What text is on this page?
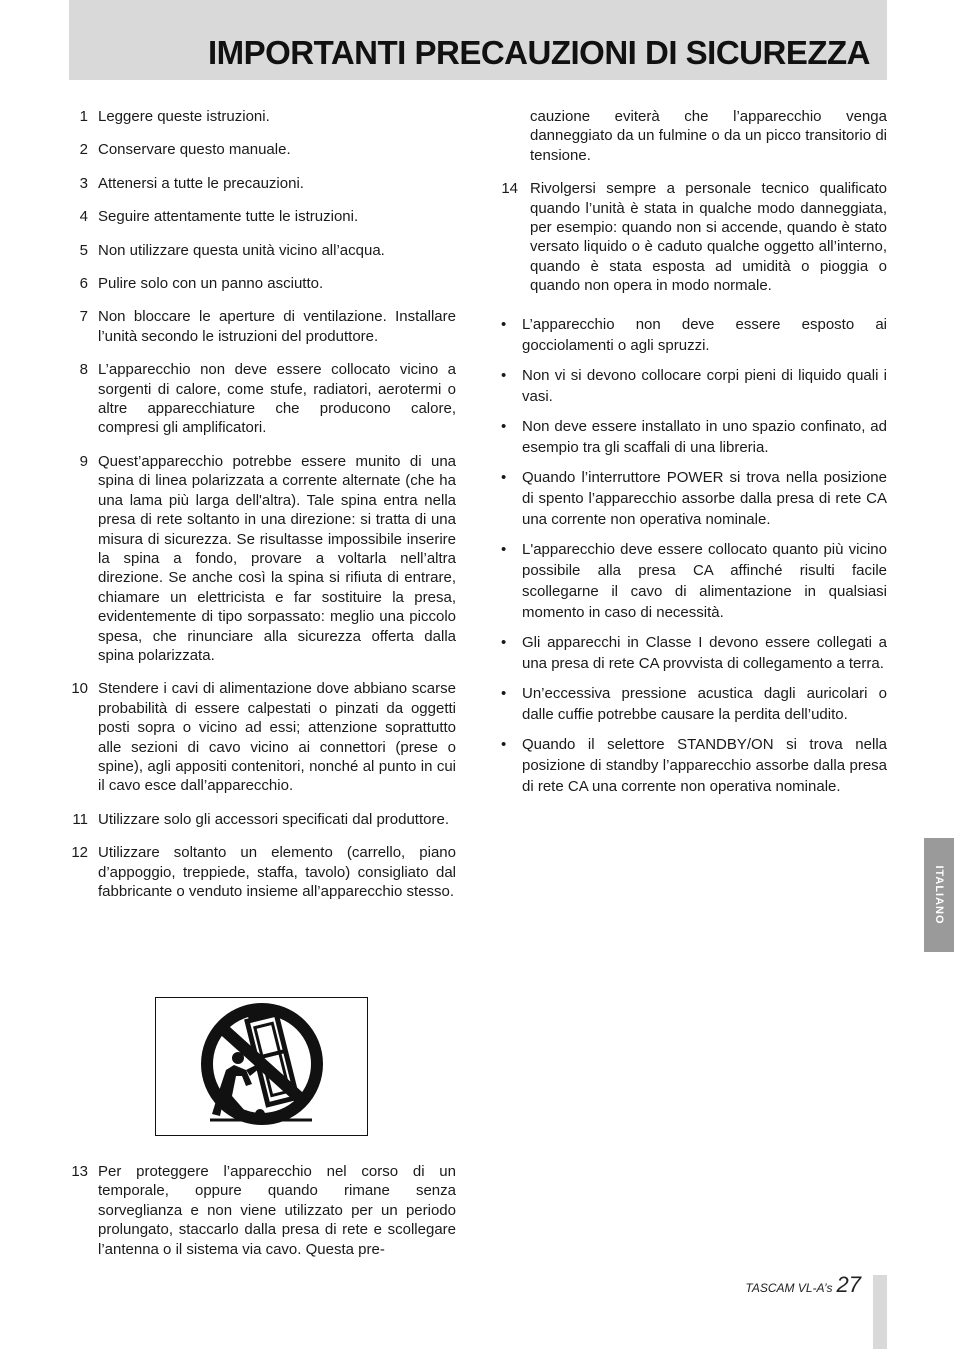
IMPORTANTI PRECAUZIONI DI SICUREZZA
1 Leggere queste istruzioni.
2 Conservare questo manuale.
3 Attenersi a tutte le precauzioni.
4 Seguire attentamente tutte le istruzioni.
5 Non utilizzare questa unità vicino all’acqua.
6 Pulire solo con un panno asciutto.
7 Non bloccare le aperture di ventilazione. Installare l’unità secondo le istruzioni del produttore.
8 L’apparecchio non deve essere collocato vicino a sorgenti di calore, come stufe, radiatori, aerotermi o altre apparecchiature che producono calore, compresi gli amplificatori.
9 Quest’apparecchio potrebbe essere munito di una spina di linea polarizzata a corrente alternate (che ha una lama più larga dell'altra). Tale spina entra nella presa di rete soltanto in una direzione: si tratta di una misura di sicurezza. Se risultasse impossibile inserire la spina a fondo, provare a voltarla nell’altra direzione. Se anche così la spina si rifiuta di entrare, chiamare un elettricista e far sostituire la presa, evidentemente di tipo sorpassato: meglio una piccolo spesa, che rinunciare alla sicurezza offerta dalla spina polarizzata.
10 Stendere i cavi di alimentazione dove abbiano scarse probabilità di essere calpestati o pinzati da oggetti posti sopra o vicino ad essi; attenzione soprattutto alle sezioni di cavo vicino ai connettori (prese o spine), agli appositi contenitori, nonché al punto in cui il cavo esce dall’apparecchio.
11 Utilizzare solo gli accessori specificati dal produttore.
12 Utilizzare soltanto un elemento (carrello, piano d’appoggio, treppiede, staffa, tavolo) consigliato dal fabbricante o venduto insieme all’apparecchio stesso.
13 Per proteggere l’apparecchio nel corso di un temporale, oppure quando rimane senza sorveglianza e non viene utilizzato per un periodo prolungato, staccarlo dalla presa di rete e scollegare l’antenna o il sistema via cavo. Questa pre-
cauzione eviterà che l’apparecchio venga danneggiato da un fulmine o da un picco transitorio di tensione.
14 Rivolgersi sempre a personale tecnico qualificato quando l’unità è stata in qualche modo danneggiata, per esempio: quando non si accende, quando è stato versato liquido o è caduto qualche oggetto all’interno, quando è stata esposta ad umidità o pioggia o quando non opera in modo normale.
•	L’apparecchio non deve essere esposto ai gocciolamenti o agli spruzzi.
•	Non vi si devono collocare corpi pieni di liquido quali i vasi.
•	Non deve essere installato in uno spazio confinato, ad esempio tra gli scaffali di una libreria.
•	Quando l’interruttore POWER si trova nella posizione di spento l’apparecchio assorbe dalla presa di rete CA una corrente non operativa nominale.
•	L'apparecchio deve essere collocato quanto più vicino possibile alla presa CA affinché risulti facile scollegarne il cavo di alimentazione in qualsiasi momento in caso di necessità.
•	Gli apparecchi in Classe I devono essere collegati a una presa di rete CA provvista di collegamento a terra.
•	Un’eccessiva pressione acustica dagli auricolari o dalle cuffie potrebbe causare la perdita dell’udito.
•	Quando il selettore STANDBY/ON si trova nella posizione di standby l’apparecchio assorbe dalla presa di rete CA una corrente non operativa nominale.
ITALIANO
TASCAM VL-A’s 27
